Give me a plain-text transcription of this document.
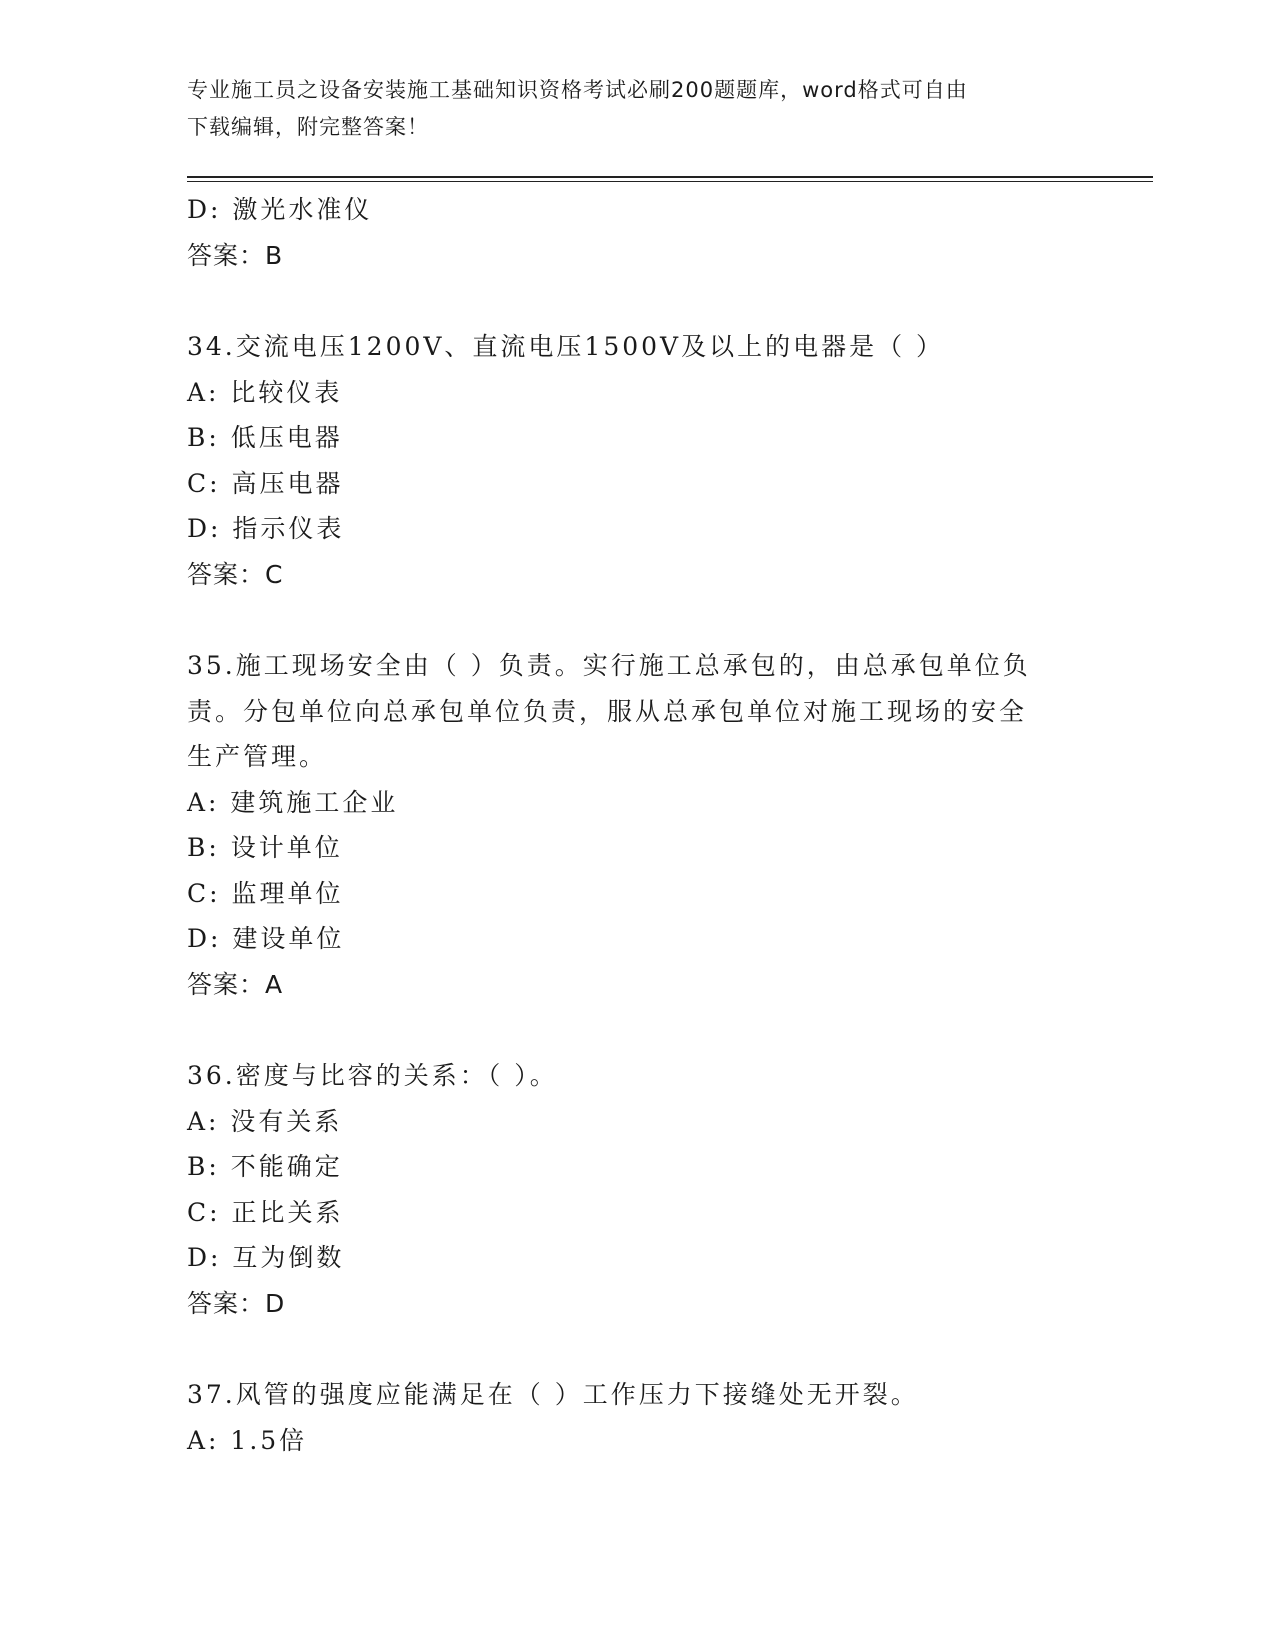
专业施工员之设备安装施工基础知识资格考试必刷200题题库，word格式可自由
下载编辑，附完整答案！
D: 激光水准仪
答案：B
34.交流电压1200V、直流电压1500V及以上的电器是（ ）
A: 比较仪表
B: 低压电器
C: 高压电器
D: 指示仪表
答案：C
35.施工现场安全由（ ）负责。实行施工总承包的，由总承包单位负
责。分包单位向总承包单位负责，服从总承包单位对施工现场的安全
生产管理。
A: 建筑施工企业
B: 设计单位
C: 监理单位
D: 建设单位
答案：A
36.密度与比容的关系：（ ）。
A: 没有关系
B: 不能确定
C: 正比关系
D: 互为倒数
答案：D
37.风管的强度应能满足在（ ）工作压力下接缝处无开裂。
A: 1.5倍
